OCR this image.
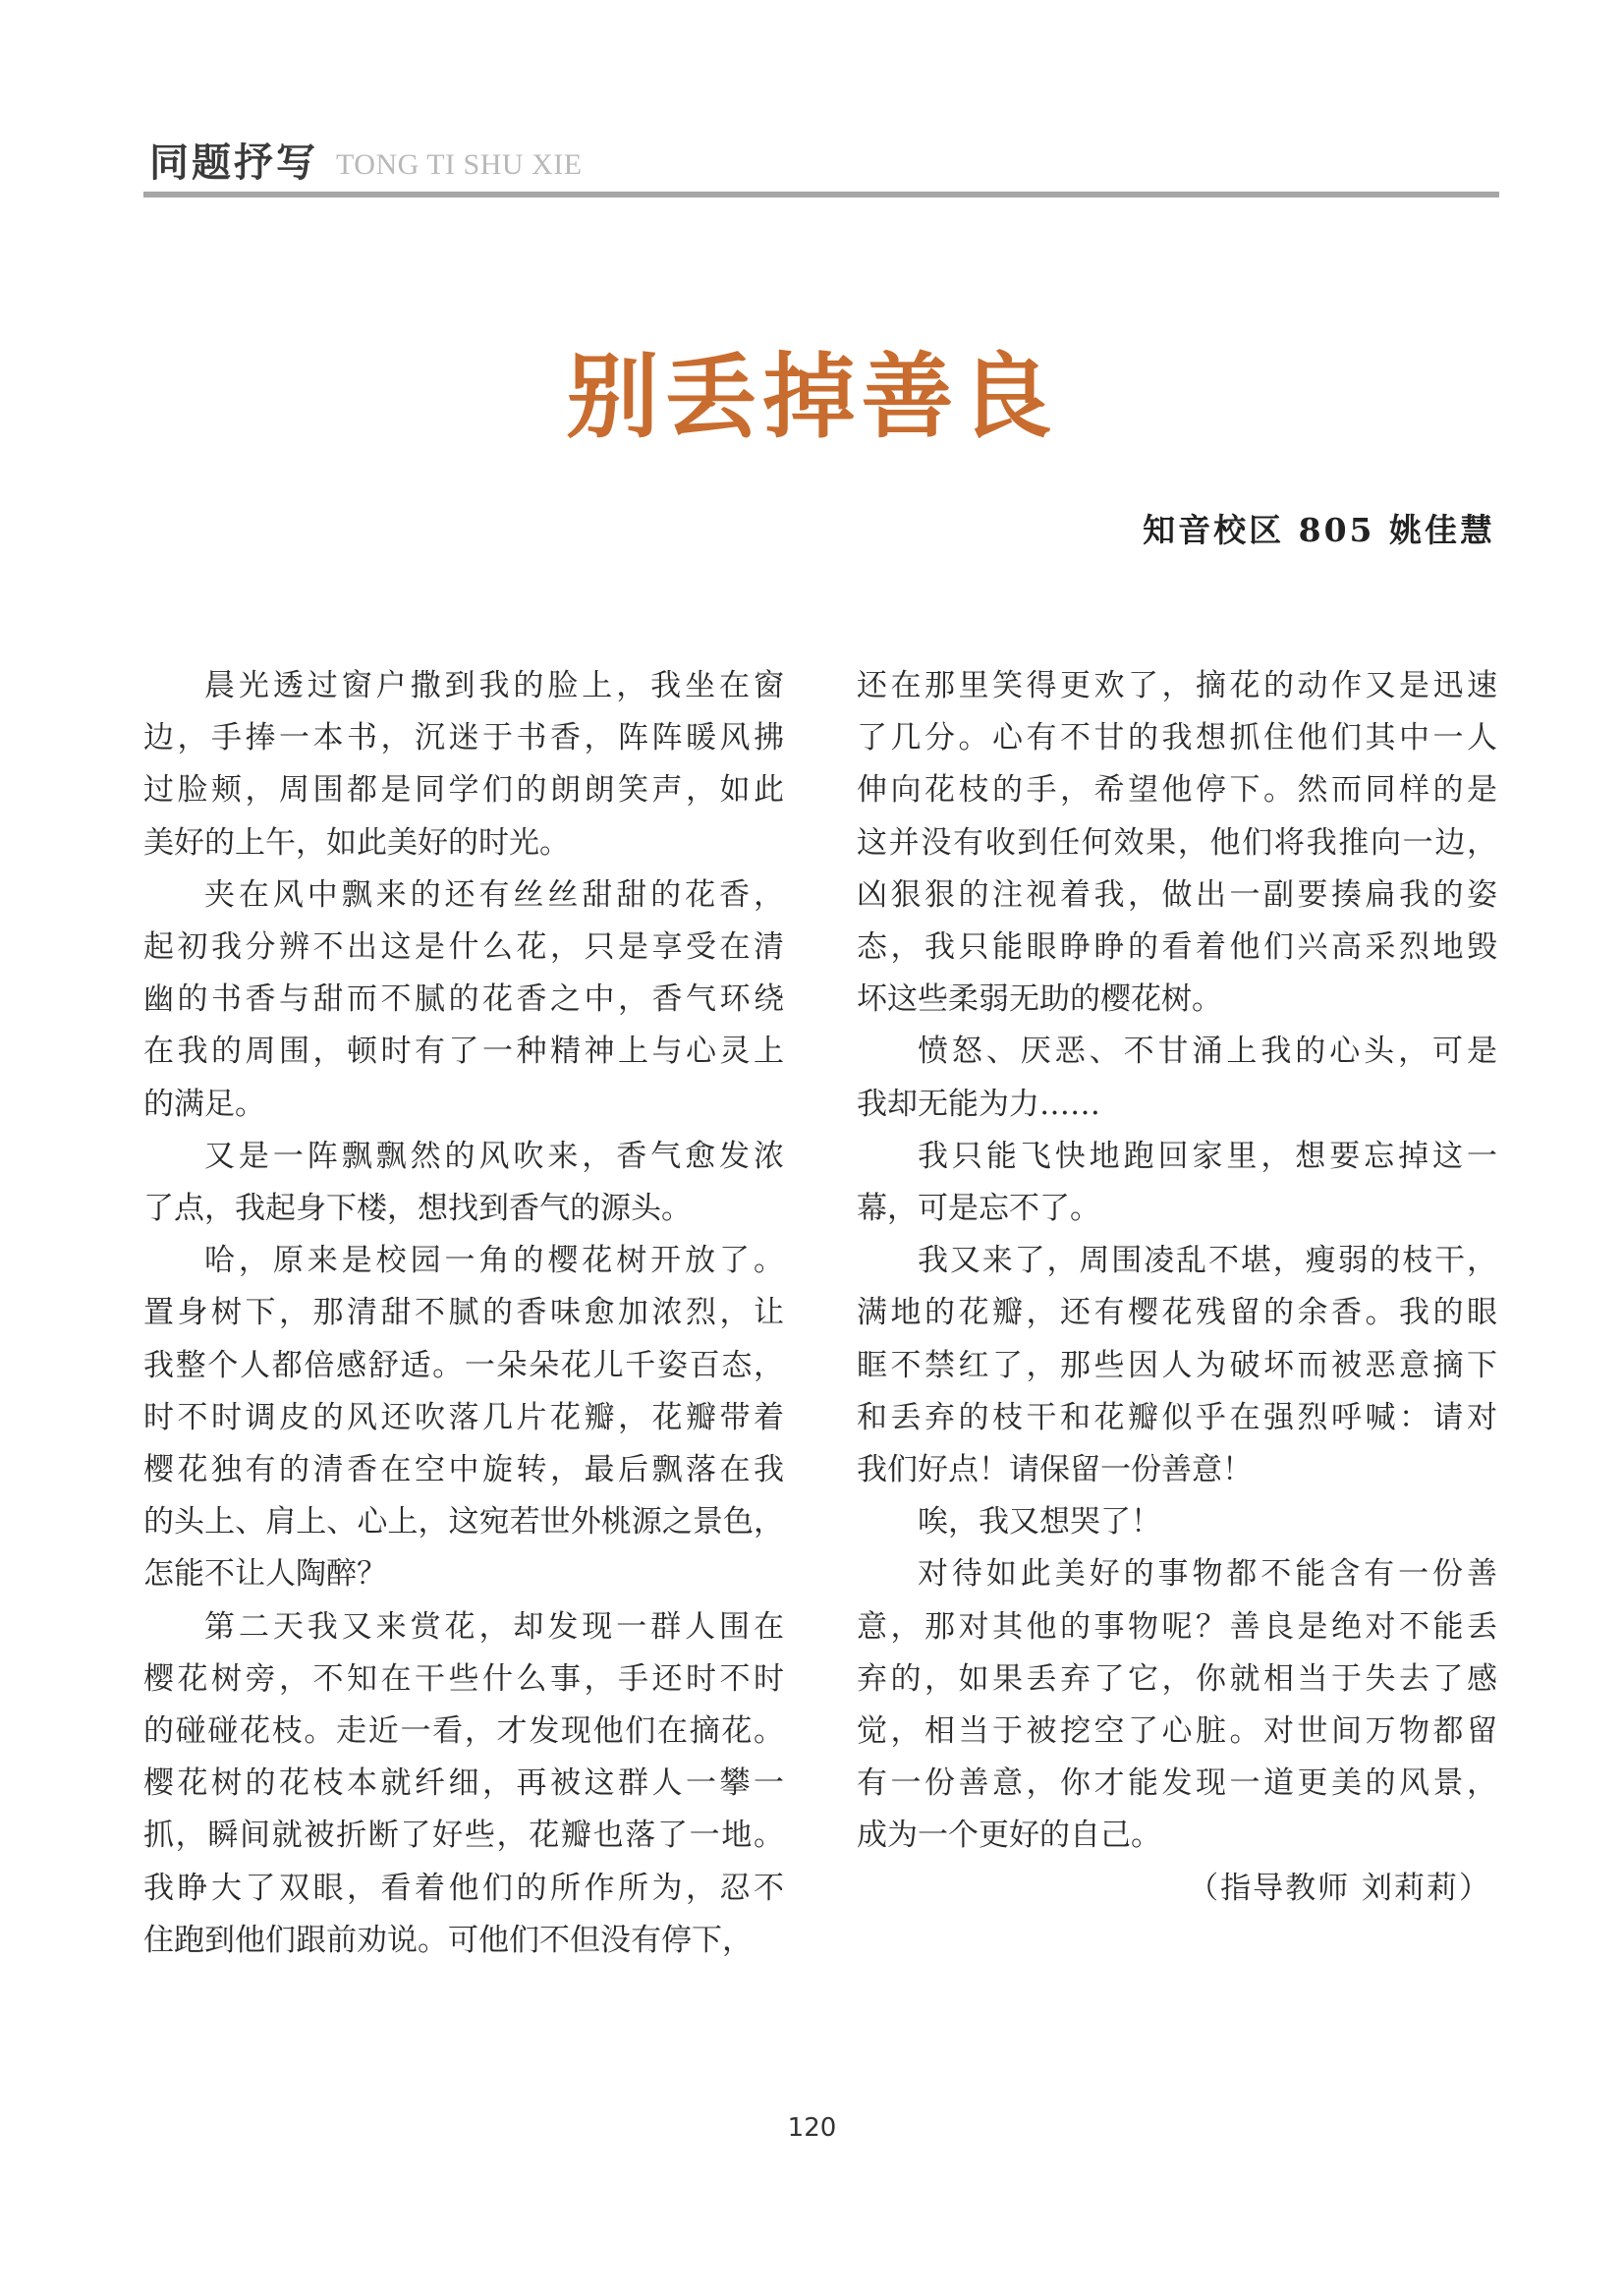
同题抒写 TONG TI SHU XIE
别丢掉善良
知音校区 805 姚佳慧
晨光透过窗户撒到我的脸上，我坐在窗
边，手捧一本书，沉迷于书香，阵阵暖风拂
过脸颊，周围都是同学们的朗朗笑声，如此
美好的上午，如此美好的时光。
夹在风中飘来的还有丝丝甜甜的花香，
起初我分辨不出这是什么花，只是享受在清
幽的书香与甜而不腻的花香之中，香气环绕
在我的周围，顿时有了一种精神上与心灵上
的满足。
又是一阵飘飘然的风吹来，香气愈发浓
了点，我起身下楼，想找到香气的源头。
哈，原来是校园一角的樱花树开放了。
置身树下，那清甜不腻的香味愈加浓烈，让
我整个人都倍感舒适。一朵朵花儿千姿百态，
时不时调皮的风还吹落几片花瓣，花瓣带着
樱花独有的清香在空中旋转，最后飘落在我
的头上、肩上、心上，这宛若世外桃源之景色，
怎能不让人陶醉？
第二天我又来赏花，却发现一群人围在
樱花树旁，不知在干些什么事，手还时不时
的碰碰花枝。走近一看，才发现他们在摘花。
樱花树的花枝本就纤细，再被这群人一攀一
抓，瞬间就被折断了好些，花瓣也落了一地。
我睁大了双眼，看着他们的所作所为，忍不
住跑到他们跟前劝说。可他们不但没有停下，
还在那里笑得更欢了，摘花的动作又是迅速
了几分。心有不甘的我想抓住他们其中一人
伸向花枝的手，希望他停下。然而同样的是
这并没有收到任何效果，他们将我推向一边，
凶狠狠的注视着我，做出一副要揍扁我的姿
态，我只能眼睁睁的看着他们兴高采烈地毁
坏这些柔弱无助的樱花树。
愤怒、厌恶、不甘涌上我的心头，可是
我却无能为力……
我只能飞快地跑回家里，想要忘掉这一
幕，可是忘不了。
我又来了，周围凌乱不堪，瘦弱的枝干，
满地的花瓣，还有樱花残留的余香。我的眼
眶不禁红了，那些因人为破坏而被恶意摘下
和丢弃的枝干和花瓣似乎在强烈呼喊：请对
我们好点！请保留一份善意！
唉，我又想哭了！
对待如此美好的事物都不能含有一份善
意，那对其他的事物呢？善良是绝对不能丢
弃的，如果丢弃了它，你就相当于失去了感
觉，相当于被挖空了心脏。对世间万物都留
有一份善意，你才能发现一道更美的风景，
成为一个更好的自己。
（指导教师 刘莉莉）
120
